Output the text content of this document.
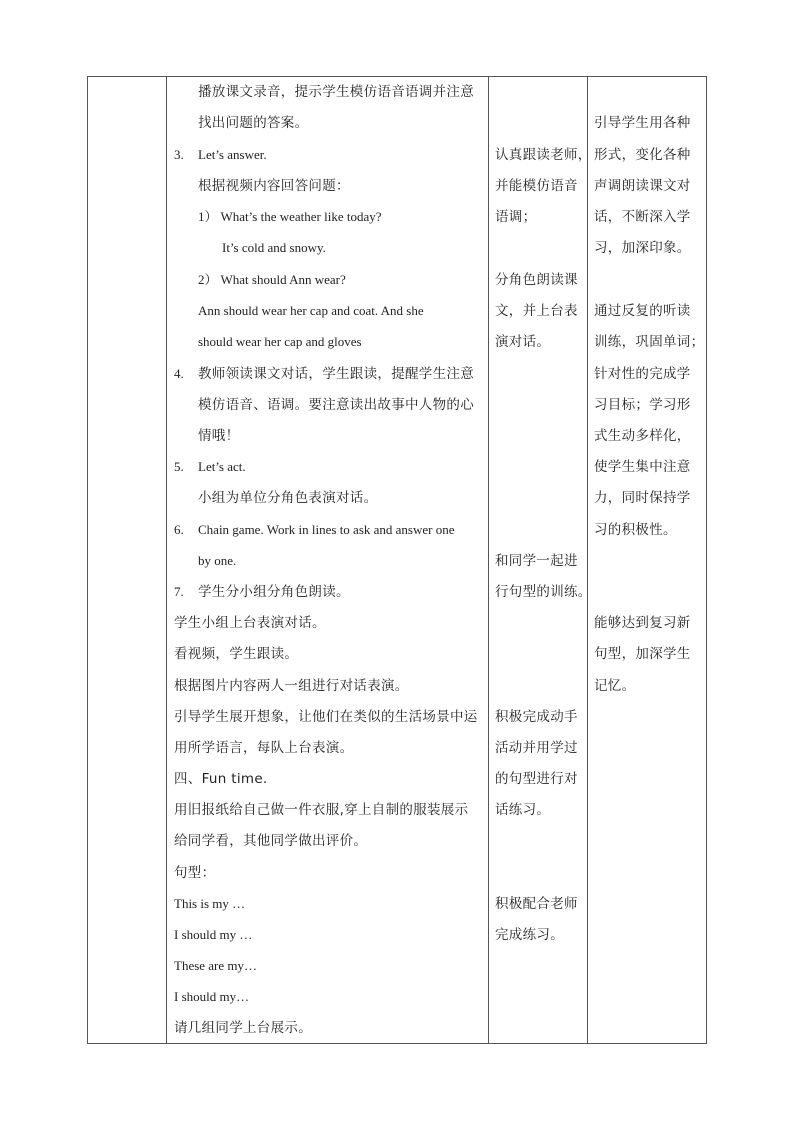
播放课文录音，提示学生模仿语音语调并注意
找出问题的答案。
3. Let’s answer.
根据视频内容回答问题：
1） What’s the weather like today?
It’s cold and snowy.
2） What should Ann wear?
Ann should wear her cap and coat. And she
should wear her cap and gloves
4. 教师领读课文对话，学生跟读，提醒学生注意
模仿语音、语调。要注意读出故事中人物的心
情哦！
5. Let’s act.
小组为单位分角色表演对话。
6. Chain game. Work in lines to ask and answer one
by one.
7. 学生分小组分角色朗读。
学生小组上台表演对话。
看视频，学生跟读。
根据图片内容两人一组进行对话表演。
引导学生展开想象，让他们在类似的生活场景中运
用所学语言，每队上台表演。
四、Fun time.
用旧报纸给自己做一件衣服,穿上自制的服装展示
给同学看，其他同学做出评价。
句型：
This is my …
I should my …
These are my…
I should my…
请几组同学上台展示。
认真跟读老师，
并能模仿语音
语调；
分角色朗读课
文，并上台表
演对话。
和同学一起进
行句型的训练。
积极完成动手
活动并用学过
的句型进行对
话练习。
积极配合老师
完成练习。
引导学生用各种
形式，变化各种
声调朗读课文对
话，不断深入学
习，加深印象。
通过反复的听读
训练，巩固单词；
针对性的完成学
习目标；学习形
式生动多样化，
使学生集中注意
力，同时保持学
习的积极性。
能够达到复习新
句型，加深学生
记忆。
